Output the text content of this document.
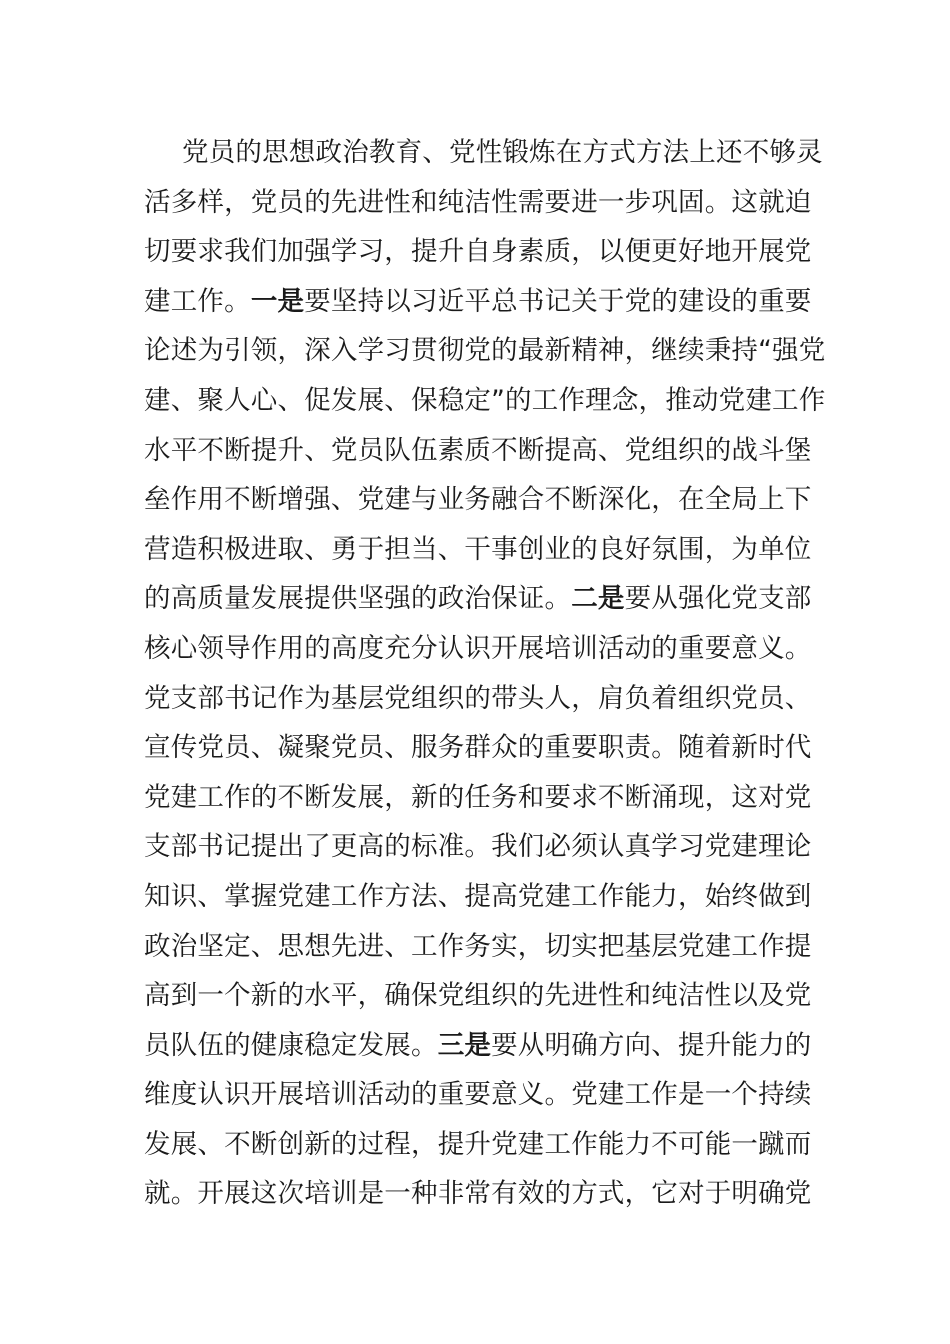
党员的思想政治教育、党性锻炼在方式方法上还不够灵
活多样，党员的先进性和纯洁性需要进一步巩固。这就迫
切要求我们加强学习，提升自身素质，以便更好地开展党
建工作。一是要坚持以习近平总书记关于党的建设的重要
论述为引领，深入学习贯彻党的最新精神，继续秉持“强党
建、聚人心、促发展、保稳定”的工作理念，推动党建工作
水平不断提升、党员队伍素质不断提高、党组织的战斗堡
垒作用不断增强、党建与业务融合不断深化，在全局上下
营造积极进取、勇于担当、干事创业的良好氛围，为单位
的高质量发展提供坚强的政治保证。二是要从强化党支部
核心领导作用的高度充分认识开展培训活动的重要意义。
党支部书记作为基层党组织的带头人，肩负着组织党员、
宣传党员、凝聚党员、服务群众的重要职责。随着新时代
党建工作的不断发展，新的任务和要求不断涌现，这对党
支部书记提出了更高的标准。我们必须认真学习党建理论
知识、掌握党建工作方法、提高党建工作能力，始终做到
政治坚定、思想先进、工作务实，切实把基层党建工作提
高到一个新的水平，确保党组织的先进性和纯洁性以及党
员队伍的健康稳定发展。三是要从明确方向、提升能力的
维度认识开展培训活动的重要意义。党建工作是一个持续
发展、不断创新的过程，提升党建工作能力不可能一蹴而
就。开展这次培训是一种非常有效的方式，它对于明确党
